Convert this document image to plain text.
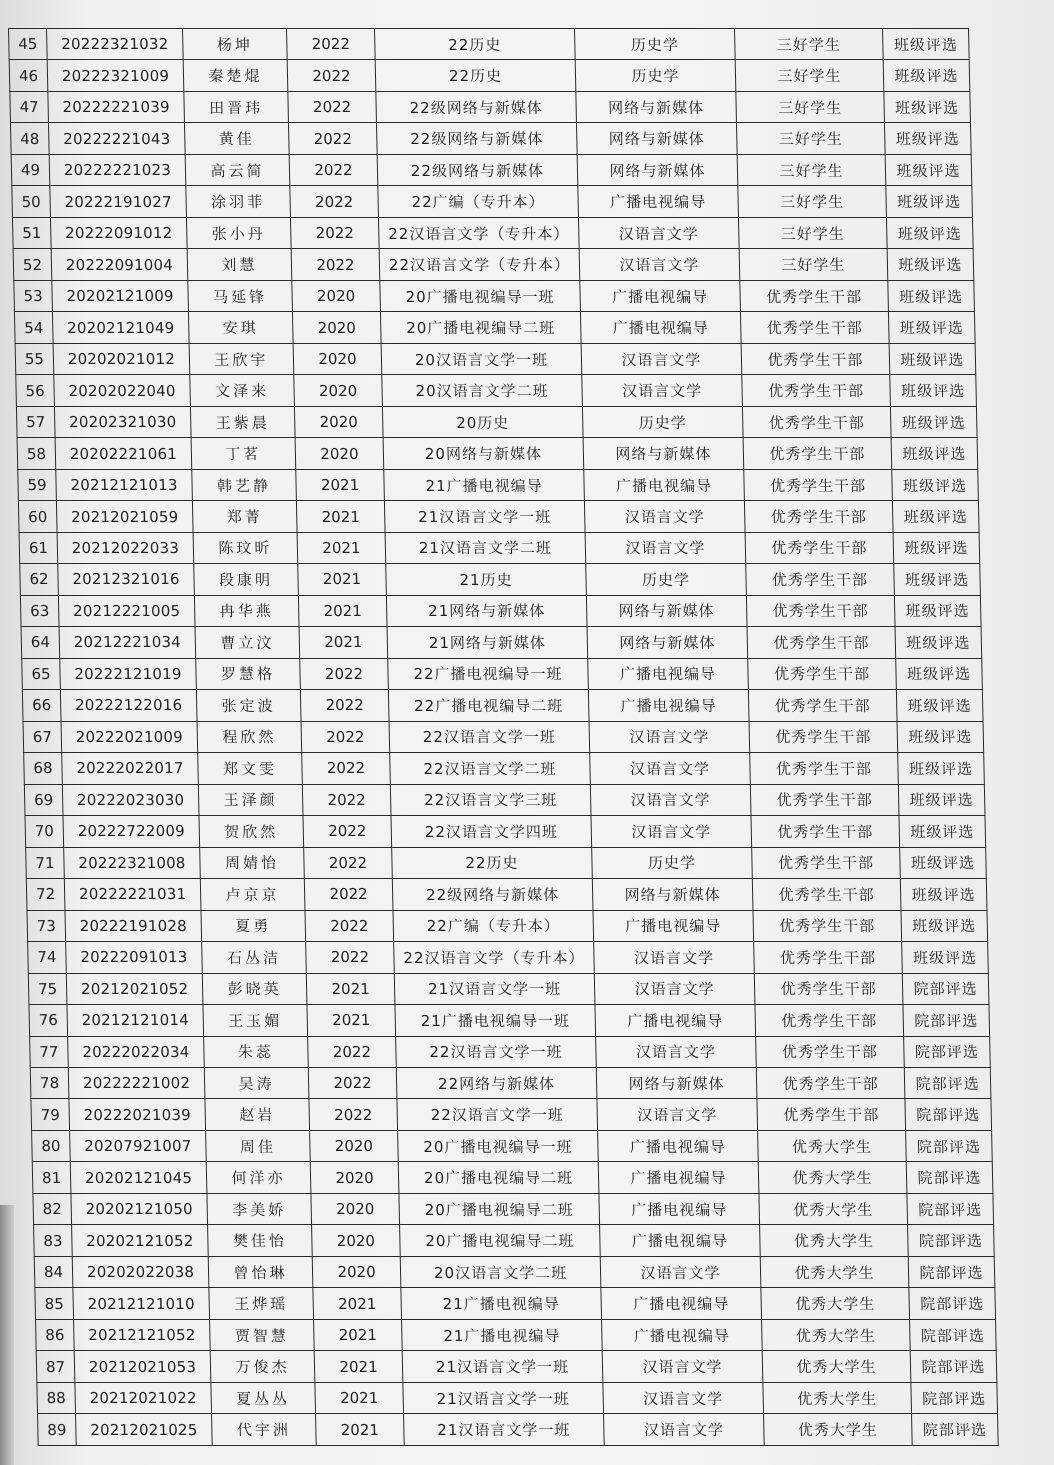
45	20222321032	杨坤	2022	22历史	历史学	三好学生	班级评选
46	20222321009	秦楚焜	2022	22历史	历史学	三好学生	班级评选
47	20222221039	田晋玮	2022	22级网络与新媒体	网络与新媒体	三好学生	班级评选
48	20222221043	黄佳	2022	22级网络与新媒体	网络与新媒体	三好学生	班级评选
49	20222221023	高云简	2022	22级网络与新媒体	网络与新媒体	三好学生	班级评选
50	20222191027	涂羽菲	2022	22广编（专升本）	广播电视编导	三好学生	班级评选
51	20222091012	张小丹	2022	22汉语言文学（专升本）	汉语言文学	三好学生	班级评选
52	20222091004	刘慧	2022	22汉语言文学（专升本）	汉语言文学	三好学生	班级评选
53	20202121009	马延锋	2020	20广播电视编导一班	广播电视编导	优秀学生干部	班级评选
54	20202121049	安琪	2020	20广播电视编导二班	广播电视编导	优秀学生干部	班级评选
55	20202021012	王欣宇	2020	20汉语言文学一班	汉语言文学	优秀学生干部	班级评选
56	20202022040	文泽来	2020	20汉语言文学二班	汉语言文学	优秀学生干部	班级评选
57	20202321030	王紫晨	2020	20历史	历史学	优秀学生干部	班级评选
58	20202221061	丁茗	2020	20网络与新媒体	网络与新媒体	优秀学生干部	班级评选
59	20212121013	韩艺静	2021	21广播电视编导	广播电视编导	优秀学生干部	班级评选
60	20212021059	郑菁	2021	21汉语言文学一班	汉语言文学	优秀学生干部	班级评选
61	20212022033	陈玟昕	2021	21汉语言文学二班	汉语言文学	优秀学生干部	班级评选
62	20212321016	段康明	2021	21历史	历史学	优秀学生干部	班级评选
63	20212221005	冉华燕	2021	21网络与新媒体	网络与新媒体	优秀学生干部	班级评选
64	20212221034	曹立汶	2021	21网络与新媒体	网络与新媒体	优秀学生干部	班级评选
65	20222121019	罗慧格	2022	22广播电视编导一班	广播电视编导	优秀学生干部	班级评选
66	20222122016	张定波	2022	22广播电视编导二班	广播电视编导	优秀学生干部	班级评选
67	20222021009	程欣然	2022	22汉语言文学一班	汉语言文学	优秀学生干部	班级评选
68	20222022017	郑文雯	2022	22汉语言文学二班	汉语言文学	优秀学生干部	班级评选
69	20222023030	王泽颜	2022	22汉语言文学三班	汉语言文学	优秀学生干部	班级评选
70	20222722009	贺欣然	2022	22汉语言文学四班	汉语言文学	优秀学生干部	班级评选
71	20222321008	周婧怡	2022	22历史	历史学	优秀学生干部	班级评选
72	20222221031	卢京京	2022	22级网络与新媒体	网络与新媒体	优秀学生干部	班级评选
73	20222191028	夏勇	2022	22广编（专升本）	广播电视编导	优秀学生干部	班级评选
74	20222091013	石丛洁	2022	22汉语言文学（专升本）	汉语言文学	优秀学生干部	班级评选
75	20212021052	彭晓英	2021	21汉语言文学一班	汉语言文学	优秀学生干部	院部评选
76	20212121014	王玉媚	2021	21广播电视编导一班	广播电视编导	优秀学生干部	院部评选
77	20222022034	朱蕊	2022	22汉语言文学一班	汉语言文学	优秀学生干部	院部评选
78	20222221002	吴涛	2022	22网络与新媒体	网络与新媒体	优秀学生干部	院部评选
79	20222021039	赵岩	2022	22汉语言文学一班	汉语言文学	优秀学生干部	院部评选
80	20207921007	周佳	2020	20广播电视编导一班	广播电视编导	优秀大学生	院部评选
81	20202121045	何洋亦	2020	20广播电视编导二班	广播电视编导	优秀大学生	院部评选
82	20202121050	李美娇	2020	20广播电视编导二班	广播电视编导	优秀大学生	院部评选
83	20202121052	樊佳怡	2020	20广播电视编导二班	广播电视编导	优秀大学生	院部评选
84	20202022038	曾怡琳	2020	20汉语言文学二班	汉语言文学	优秀大学生	院部评选
85	20212121010	王烨瑶	2021	21广播电视编导	广播电视编导	优秀大学生	院部评选
86	20212121052	贾智慧	2021	21广播电视编导	广播电视编导	优秀大学生	院部评选
87	20212021053	万俊杰	2021	21汉语言文学一班	汉语言文学	优秀大学生	院部评选
88	20212021022	夏丛丛	2021	21汉语言文学一班	汉语言文学	优秀大学生	院部评选
89	20212021025	代宇洲	2021	21汉语言文学一班	汉语言文学	优秀大学生	院部评选
